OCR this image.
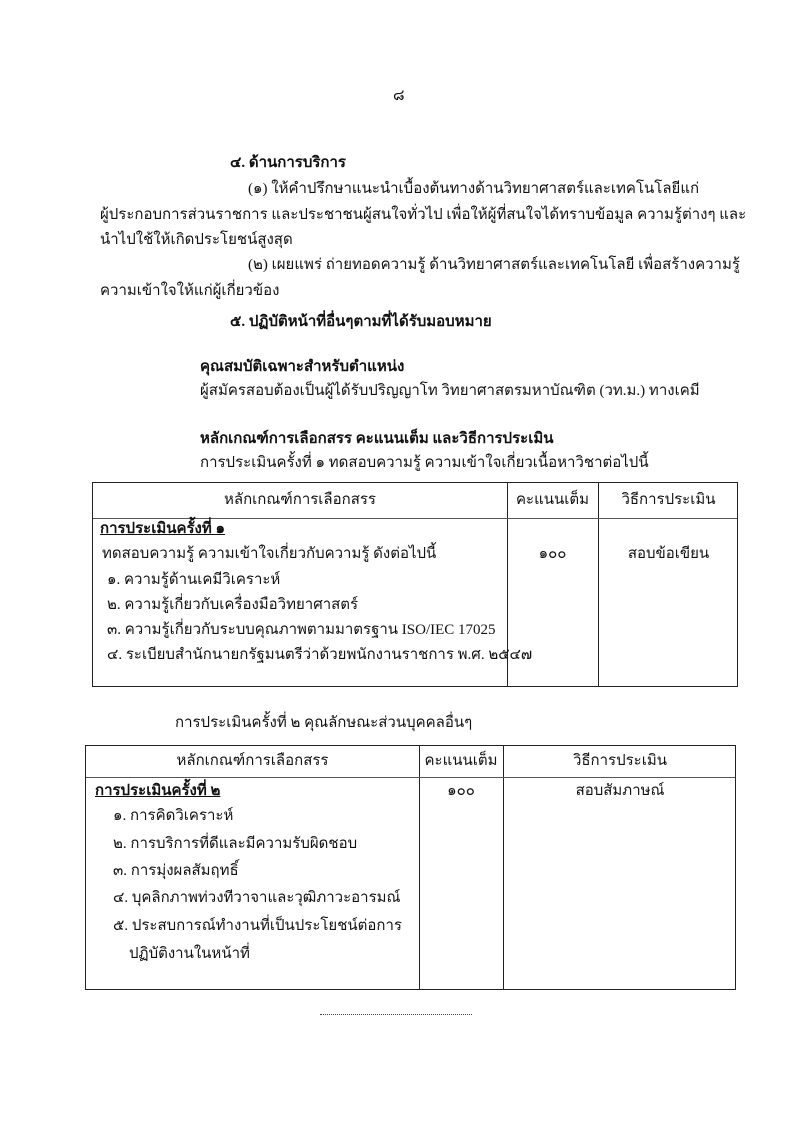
๘
๔. ด้านการบริการ
(๑) ให้คำปรึกษาแนะนำเบื้องต้นทางด้านวิทยาศาสตร์และเทคโนโลยีแก่
ผู้ประกอบการส่วนราชการ และประชาชนผู้สนใจทั่วไป เพื่อให้ผู้ที่สนใจได้ทราบข้อมูล ความรู้ต่างๆ และ
นำไปใช้ให้เกิดประโยชน์สูงสุด
(๒) เผยแพร่ ถ่ายทอดความรู้ ด้านวิทยาศาสตร์และเทคโนโลยี เพื่อสร้างความรู้
ความเข้าใจให้แก่ผู้เกี่ยวข้อง
๕. ปฏิบัติหน้าที่อื่นๆตามที่ได้รับมอบหมาย
คุณสมบัติเฉพาะสำหรับตำแหน่ง
ผู้สมัครสอบต้องเป็นผู้ได้รับปริญญาโท วิทยาศาสตรมหาบัณฑิต (วท.ม.) ทางเคมี
หลักเกณฑ์การเลือกสรร คะแนนเต็ม และวิธีการประเมิน
การประเมินครั้งที่ ๑ ทดสอบความรู้ ความเข้าใจเกี่ยวเนื้อหาวิชาต่อไปนี้
หลักเกณฑ์การเลือกสรร	คะแนนเต็ม	วิธีการประเมิน
การประเมินครั้งที่ ๑
ทดสอบความรู้ ความเข้าใจเกี่ยวกับความรู้ ดังต่อไปนี้
๑. ความรู้ด้านเคมีวิเคราะห์
๒. ความรู้เกี่ยวกับเครื่องมือวิทยาศาสตร์
๓. ความรู้เกี่ยวกับระบบคุณภาพตามมาตรฐาน ISO/IEC 17025
๔. ระเบียบสำนักนายกรัฐมนตรีว่าด้วยพนักงานราชการ พ.ศ. ๒๕๔๗
๑๐๐	สอบข้อเขียน
การประเมินครั้งที่ ๒ คุณลักษณะส่วนบุคคลอื่นๆ
หลักเกณฑ์การเลือกสรร	คะแนนเต็ม	วิธีการประเมิน
การประเมินครั้งที่ ๒
๑. การคิดวิเคราะห์
๒. การบริการที่ดีและมีความรับผิดชอบ
๓. การมุ่งผลสัมฤทธิ์
๔. บุคลิกภาพท่วงทีวาจาและวุฒิภาวะอารมณ์
๕. ประสบการณ์ทำงานที่เป็นประโยชน์ต่อการ
ปฏิบัติงานในหน้าที่
๑๐๐	สอบสัมภาษณ์
